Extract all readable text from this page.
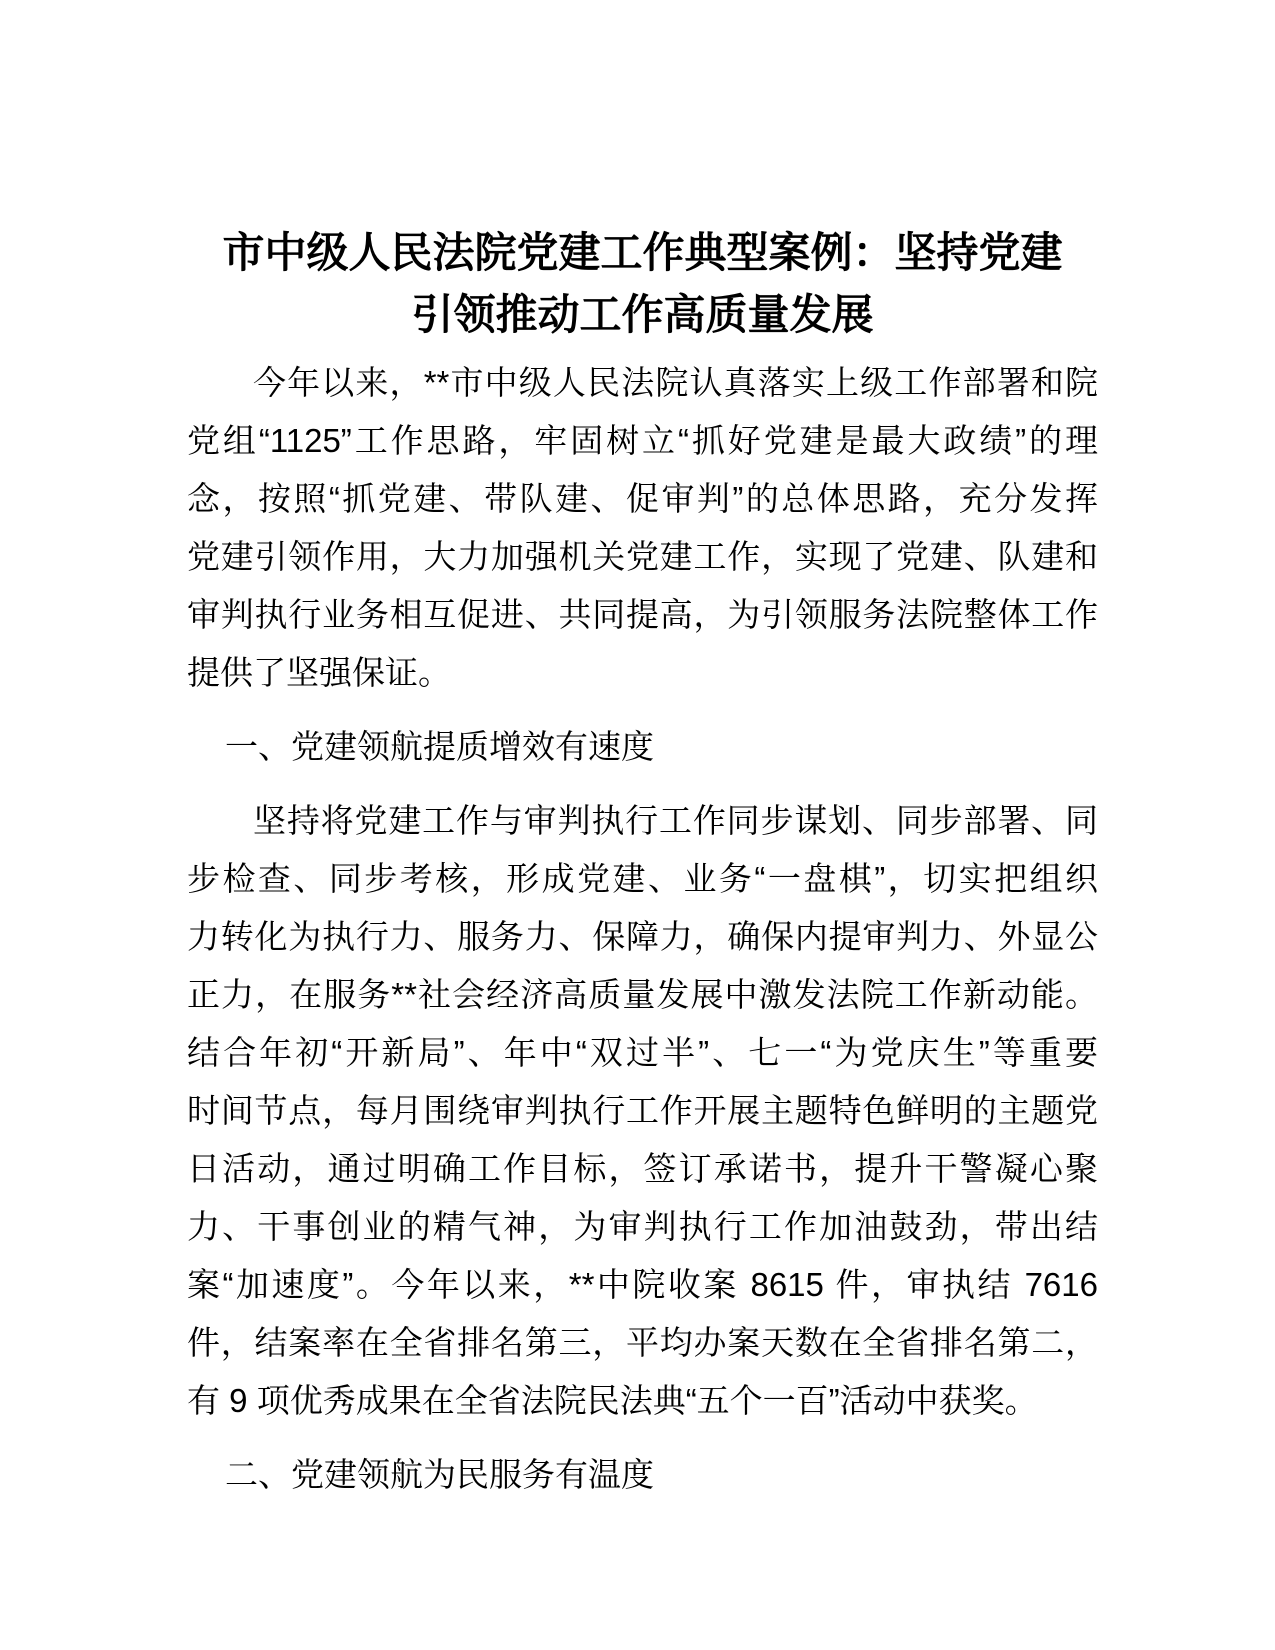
市中级人民法院党建工作典型案例：坚持党建
引领推动工作高质量发展
今年以来，**市中级人民法院认真落实上级工作部署和院
党组“1125”工作思路，牢固树立“抓好党建是最大政绩”的理
念，按照“抓党建、带队建、促审判”的总体思路，充分发挥
党建引领作用，大力加强机关党建工作，实现了党建、队建和
审判执行业务相互促进、共同提高，为引领服务法院整体工作
提供了坚强保证。
一、党建领航提质增效有速度
坚持将党建工作与审判执行工作同步谋划、同步部署、同
步检查、同步考核，形成党建、业务“一盘棋”，切实把组织
力转化为执行力、服务力、保障力，确保内提审判力、外显公
正力，在服务**社会经济高质量发展中激发法院工作新动能。
结合年初“开新局”、年中“双过半”、七一“为党庆生”等重要
时间节点，每月围绕审判执行工作开展主题特色鲜明的主题党
日活动，通过明确工作目标，签订承诺书，提升干警凝心聚
力、干事创业的精气神，为审判执行工作加油鼓劲，带出结
案“加速度”。今年以来，**中院收案 8615 件，审执结 7616
件，结案率在全省排名第三，平均办案天数在全省排名第二，
有 9 项优秀成果在全省法院民法典“五个一百”活动中获奖。
二、党建领航为民服务有温度
